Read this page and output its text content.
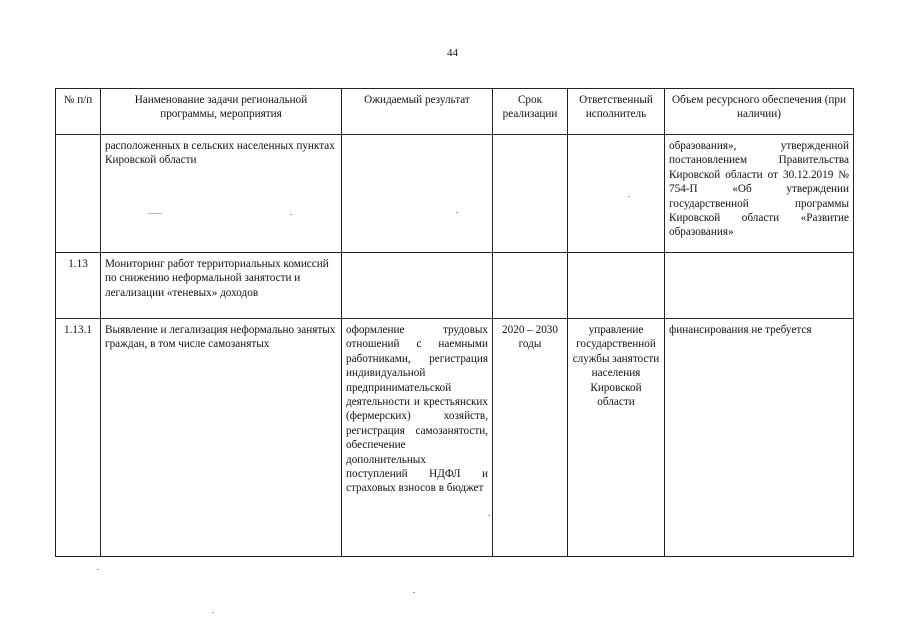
44
№ п/п	Наименование задачи региональной программы, мероприятия	Ожидаемый результат	Срок реализации	Ответственный исполнитель	Объем ресурсного обеспечения (при наличии)
	расположенных в сельских населенных пунктах Кировской области				образования», утвержденной постановлением Правительства Кировской области от 30.12.2019 № 754-П «Об утверждении государственной программы Кировской области «Развитие образования»
1.13	Мониторинг работ территориальных комиссий по снижению неформальной занятости и легализации «теневых» доходов				
1.13.1	Выявление и легализация неформально занятых граждан, в том числе самозанятых	оформление трудовых отношений с наемными работниками, регистрация индивидуальной предпринимательской деятельности и крестьянских (фермерских) хозяйств, регистрация самозанятости, обеспечение дополнительных поступлений НДФЛ и страховых взносов в бюджет	2020 – 2030 годы	управление государственной службы занятости населения Кировской области	финансирования не требуется
